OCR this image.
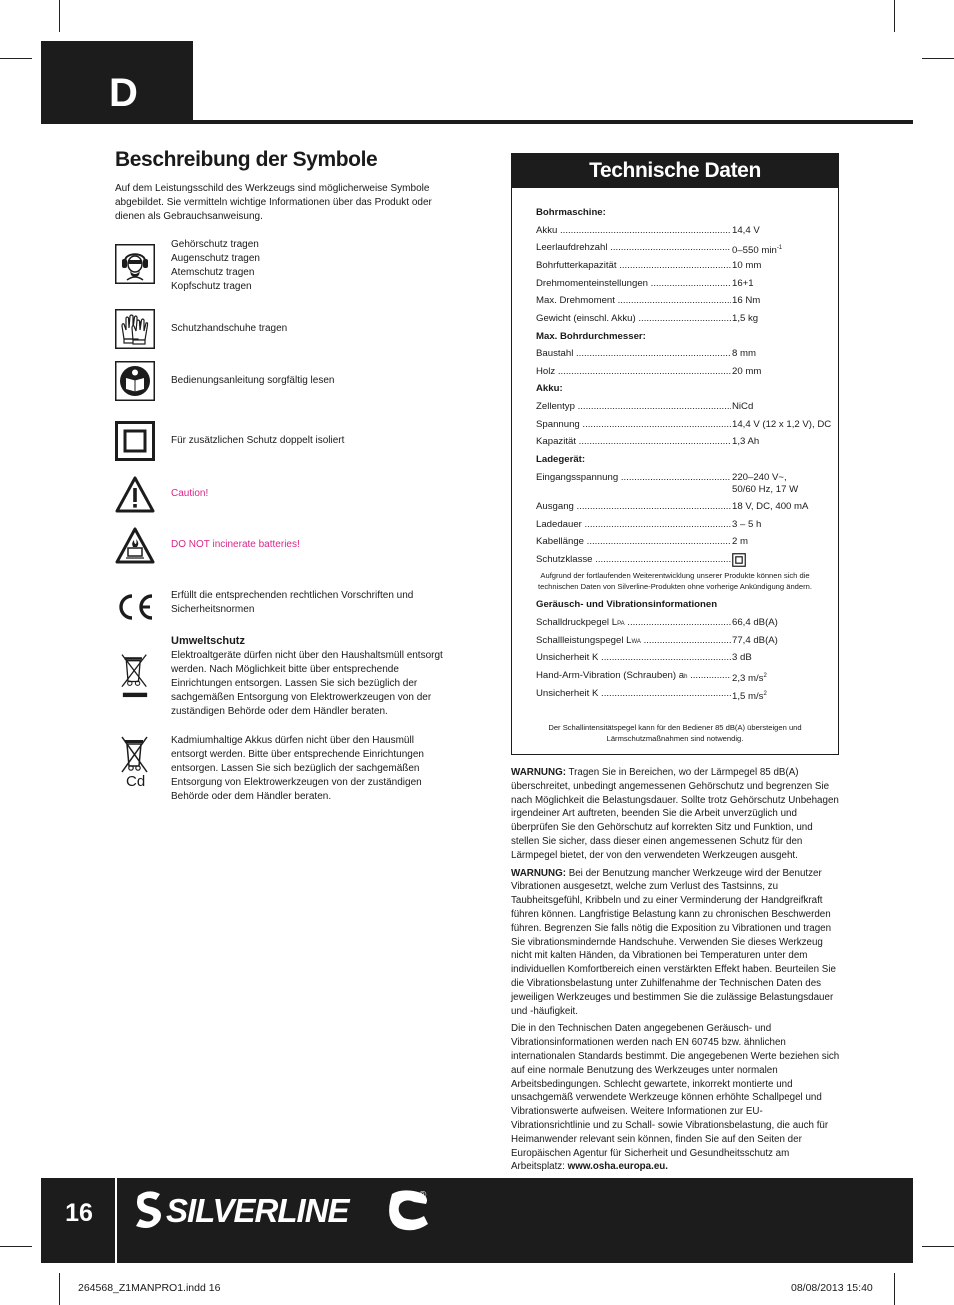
D
Beschreibung der Symbole
Auf dem Leistungsschild des Werkzeugs sind möglicherweise Symbole abgebildet. Sie vermitteln wichtige Informationen über das Produkt oder dienen als Gebrauchsanweisung.
Gehörschutz tragen
Augenschutz tragen
Atemschutz tragen
Kopfschutz tragen
Schutzhandschuhe tragen
Bedienungsanleitung sorgfältig lesen
Für zusätzlichen Schutz doppelt isoliert
Caution!
DO NOT incinerate batteries!
Erfüllt die entsprechenden rechtlichen Vorschriften und Sicherheitsnormen
Umweltschutz
Elektroaltgeräte dürfen nicht über den Haushaltsmüll entsorgt werden. Nach Möglichkeit bitte über entsprechende Einrichtungen entsorgen. Lassen Sie sich bezüglich der sachgemäßen Entsorgung von Elektrowerkzeugen von der zuständigen Behörde oder dem Händler beraten.
Cd
Kadmiumhaltige Akkus dürfen nicht über den Hausmüll entsorgt werden. Bitte über entsprechende Einrichtungen entsorgen. Lassen Sie sich bezüglich der sachgemäßen Entsorgung von Elektrowerkzeugen von der zuständigen Behörde oder dem Händler beraten.
Technische Daten
Bohrmaschine:
Akku .....	14,4 V
Leerlaufdrehzahl .....	0–550 $\min^{-1}$
Bohrfutterkapazität .....	10 mm
Drehmomenteinstellungen .....	16+1
Max. Drehmoment .....	16 Nm
Gewicht (einschl. Akku) .....	1,5 kg
Max. Bohrdurchmesser:
Baustahl .....	8 mm
Holz .....	20 mm
Akku:
Zellentyp .....	NiCd
Spannung .....	14,4 V (12 x 1,2 V), DC
Kapazität .....	1,3 Ah
Ladegerät:
Eingangsspannung .....	220–240 V~,
50/60 Hz, 17 W
Ausgang .....	18 V, DC, 400 mA
Ladedauer .....	3 – 5 h
Kabellänge .....	2 m
Schutzklasse .....
Aufgrund der fortlaufenden Weiterentwicklung unserer Produkte können sich die technischen Daten von Silverline-Produkten ohne vorherige Ankündigung ändern.
Geräusch- und Vibrationsinformationen
Schalldruckpegel LPA .....	66,4 dB(A)
Schallleistungspegel LWA .....	77,4 dB(A)
Unsicherheit K .....	3 dB
Hand-Arm-Vibration (Schrauben) ah .....	2,3 $m/s^2$
Unsicherheit K .....	1,5 $m/s^2$
Der Schallintensitätspegel kann für den Bediener 85 dB(A) übersteigen und Lärmschutzmaßnahmen sind notwendig.

WARNUNG: Tragen Sie in Bereichen, wo der Lärmpegel 85 dB(A) überschreitet, unbedingt angemessenen Gehörschutz und begrenzen Sie nach Möglichkeit die Belastungsdauer. Sollte trotz Gehörschutz Unbehagen irgendeiner Art auftreten, beenden Sie die Arbeit unverzüglich und überprüfen Sie den Gehörschutz auf korrekten Sitz und Funktion, und stellen Sie sicher, dass dieser einen angemessenen Schutz für den Lärmpegel bietet, der von den verwendeten Werkzeugen ausgeht.

WARNUNG: Bei der Benutzung mancher Werkzeuge wird der Benutzer Vibrationen ausgesetzt, welche zum Verlust des Tastsinns, zu Taubheitsgefühl, Kribbeln und zu einer Verminderung der Handgreifkraft führen können. Langfristige Belastung kann zu chronischen Beschwerden führen. Begrenzen Sie falls nötig die Exposition zu Vibrationen und tragen Sie vibrationsmindernde Handschuhe. Verwenden Sie dieses Werkzeug nicht mit kalten Händen, da Vibrationen bei Temperaturen unter dem individuellen Komfortbereich einen verstärkten Effekt haben. Beurteilen Sie die Vibrationsbelastung unter Zuhilfenahme der Technischen Daten des jeweiligen Werkzeuges und bestimmen Sie die zulässige Belastungsdauer und -häufigkeit.

Die in den Technischen Daten angegebenen Geräusch- und Vibrationsinformationen werden nach EN 60745 bzw. ähnlichen internationalen Standards bestimmt. Die angegebenen Werte beziehen sich auf eine normale Benutzung des Werkzeuges unter normalen Arbeitsbedingungen. Schlecht gewartete, inkorrekt montierte und unsachgemäß verwendete Werkzeuge können erhöhte Schallpegel und Vibrationswerte aufweisen. Weitere Informationen zur EU-Vibrationsrichtlinie und zu Schall- sowie Vibrationsbelastung, die auch für Heimanwender relevant sein können, finden Sie auf den Seiten der Europäischen Agentur für Sicherheit und Gesundheitsschutz am Arbeitsplatz: www.osha.europa.eu.

16	SILVERLINE	®
264568_Z1MANPRO1.indd 16	08/08/2013 15:40
